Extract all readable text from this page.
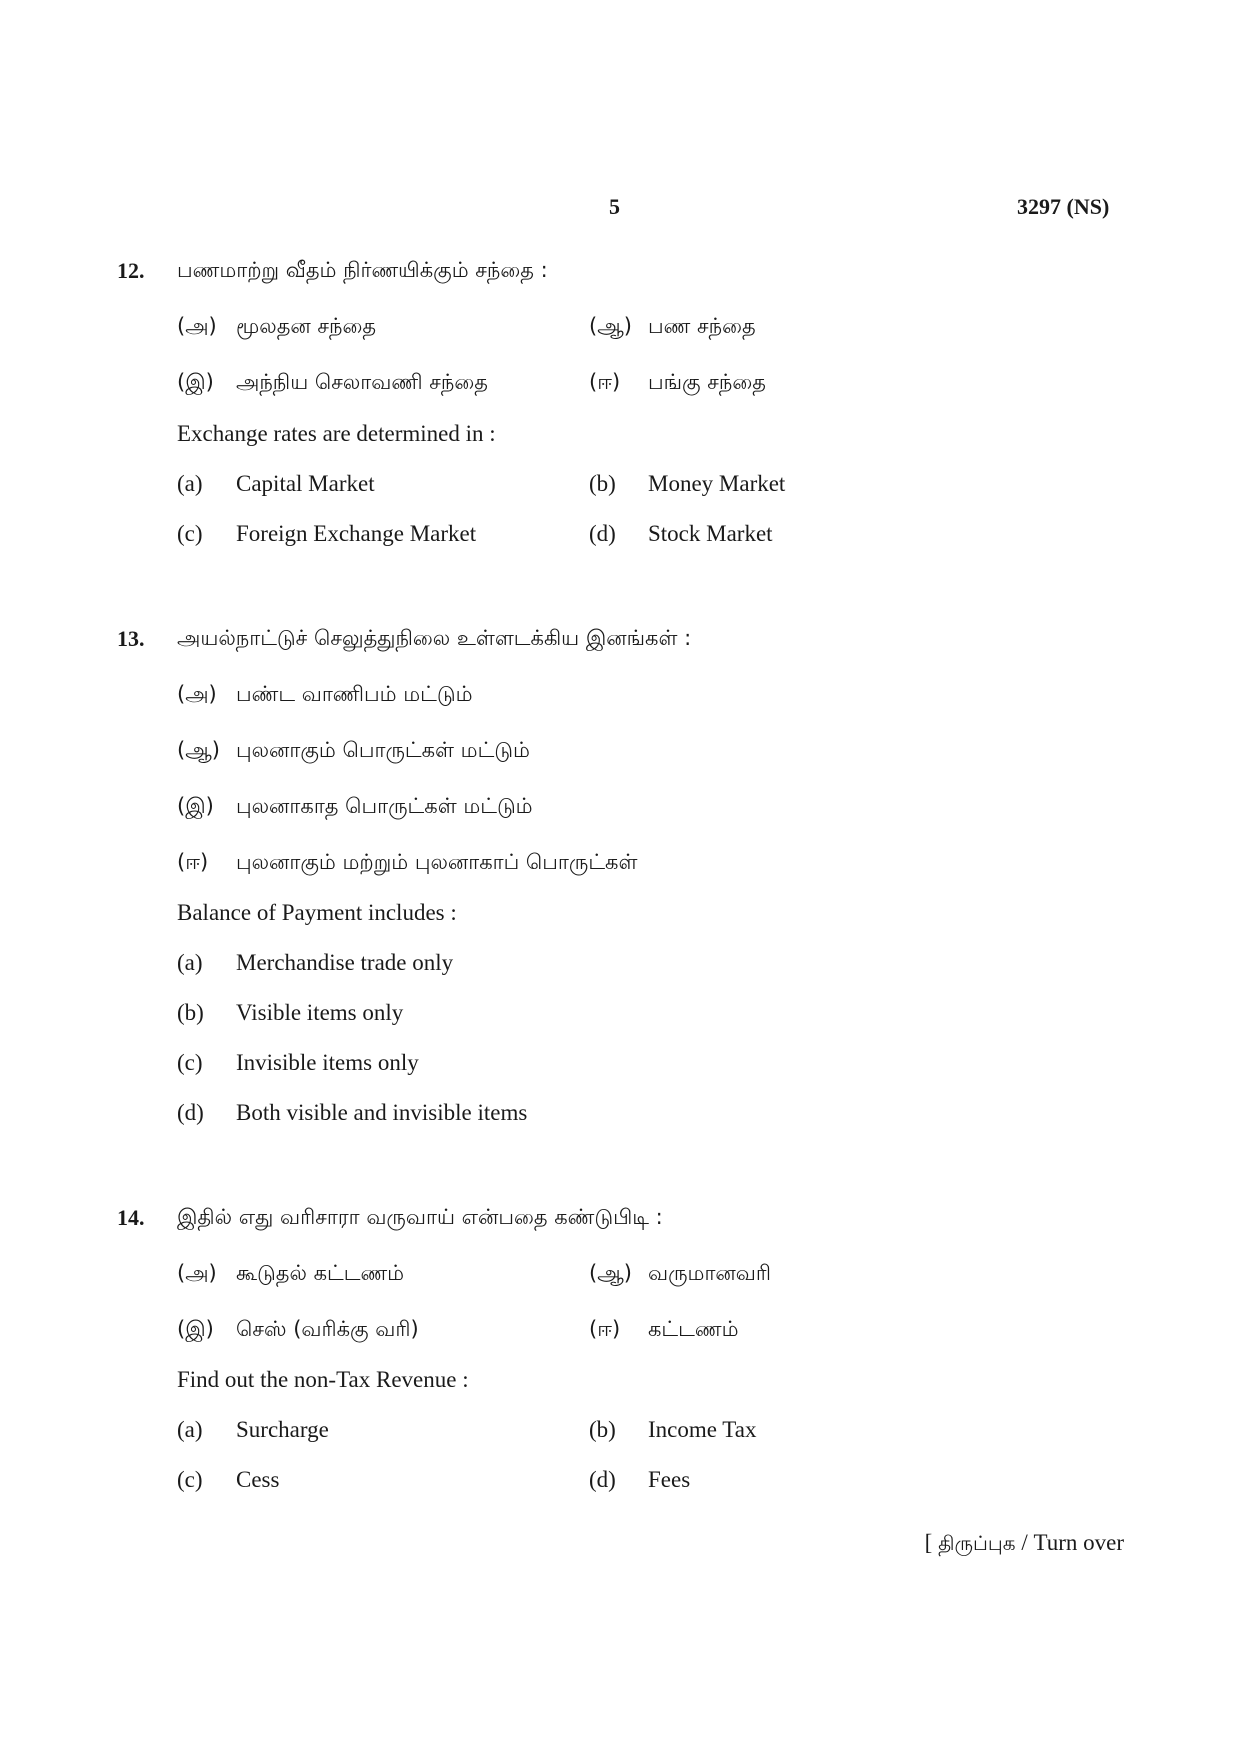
5	3297 (NS)
12. பணமாற்று வீதம் நிர்ணயிக்கும் சந்தை :
(அ) மூலதன சந்தை	(ஆ) பண சந்தை
(இ) அந்நிய செலாவணி சந்தை	(ஈ) பங்கு சந்தை
Exchange rates are determined in :
(a) Capital Market	(b) Money Market
(c) Foreign Exchange Market	(d) Stock Market
13. அயல்நாட்டுச் செலுத்துநிலை உள்ளடக்கிய இனங்கள் :
(அ) பண்ட வாணிபம் மட்டும்
(ஆ) புலனாகும் பொருட்கள் மட்டும்
(இ) புலனாகாத பொருட்கள் மட்டும்
(ஈ) புலனாகும் மற்றும் புலனாகாப் பொருட்கள்
Balance of Payment includes :
(a) Merchandise trade only
(b) Visible items only
(c) Invisible items only
(d) Both visible and invisible items
14. இதில் எது வரிசாரா வருவாய் என்பதை கண்டுபிடி :
(அ) கூடுதல் கட்டணம்	(ஆ) வருமானவரி
(இ) செஸ் (வரிக்கு வரி)	(ஈ) கட்டணம்
Find out the non-Tax Revenue :
(a) Surcharge	(b) Income Tax
(c) Cess	(d) Fees
[ திருப்புக / Turn over
